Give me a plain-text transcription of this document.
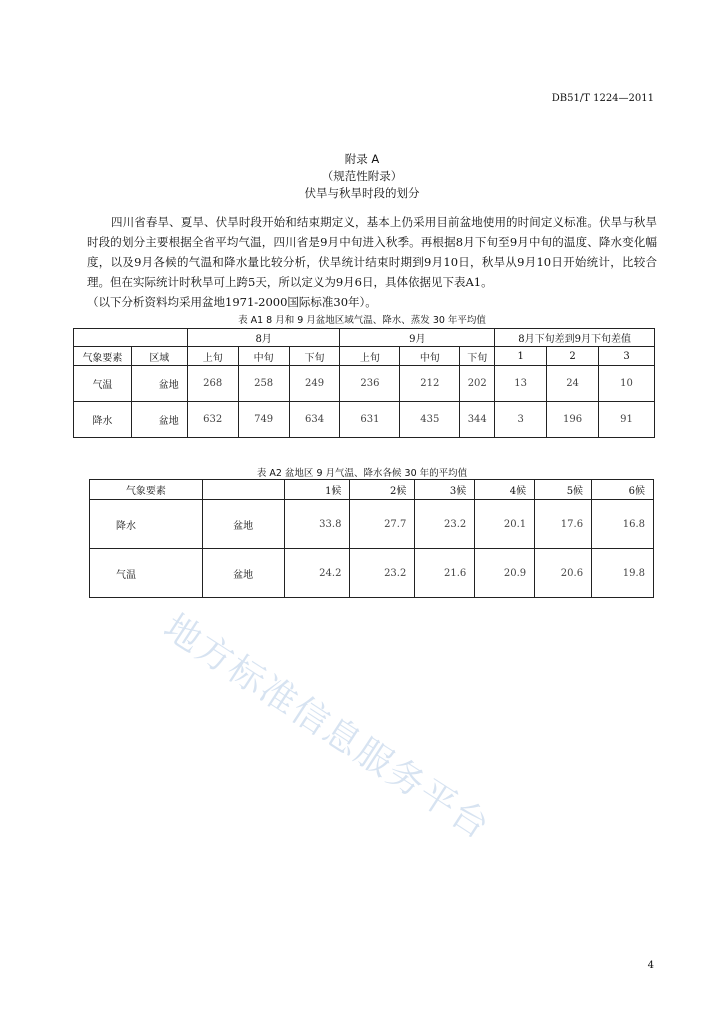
DB51/T 1224—2011
附录 A
（规范性附录）
伏旱与秋旱时段的划分

四川省春旱、夏旱、伏旱时段开始和结束期定义，基本上仍采用目前盆地使用的时间定义标准。伏旱与秋旱时段的划分主要根据全省平均气温，四川省是9月中旬进入秋季。再根据8月下旬至9月中旬的温度、降水变化幅度，以及9月各候的气温和降水量比较分析，伏旱统计结束时期到9月10日，秋旱从9月10日开始统计，比较合理。但在实际统计时秋旱可上跨5天，所以定义为9月6日，具体依据见下表A1。

（以下分析资料均采用盆地1971-2000国际标准30年）。

表 A1 8 月和 9 月盆地区域气温、降水、蒸发 30 年平均值
		8月			9月			8月下旬差到9月下旬差值		
气象要素	区域	上旬	中旬	下旬	上旬	中旬	下旬	1	2	3
气温	盆地	268	258	249	236	212	202	13	24	10
降水	盆地	632	749	634	631	435	344	3	196	91
表 A2 盆地区 9 月气温、降水各候 30 年的平均值
气象要素		1候	2候	3候	4候	5候	6候
降水	盆地	33.8	27.7	23.2	20.1	17.6	16.8
气温	盆地	24.2	23.2	21.6	20.9	20.6	19.8
地方标准信息服务平台
4
